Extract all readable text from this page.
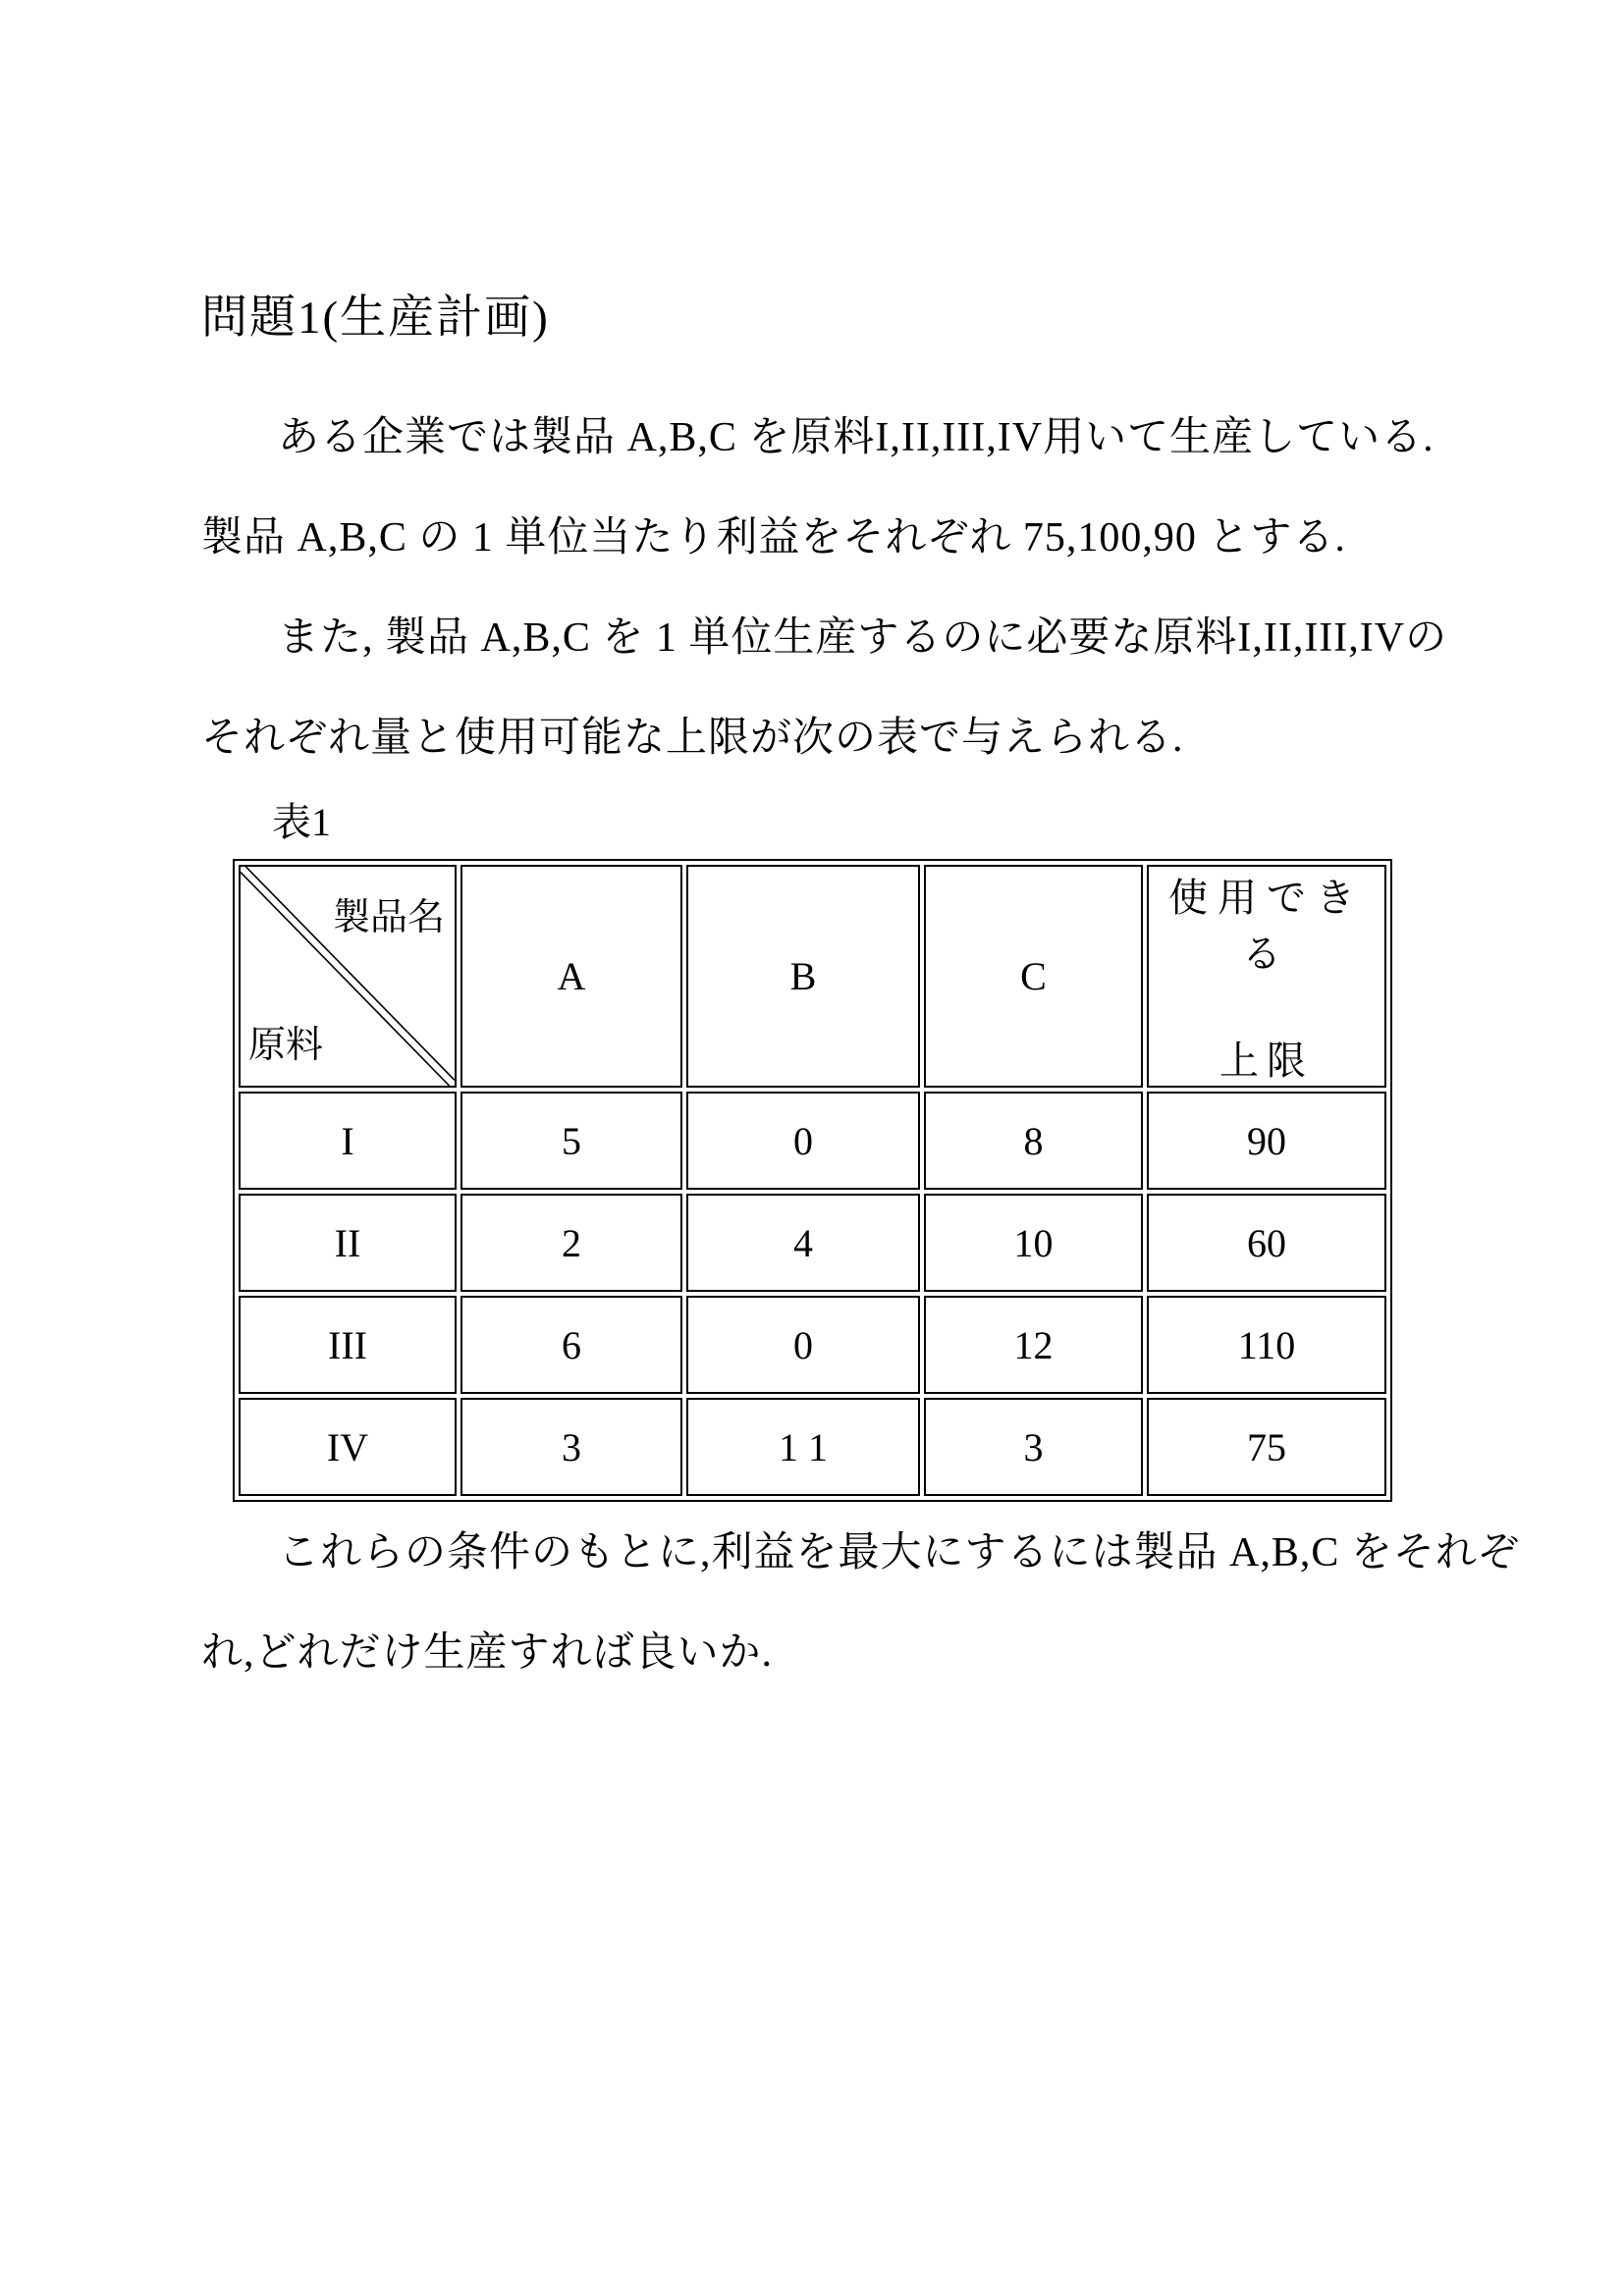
問題1(生産計画)
ある企業では製品 A,B,C を原料I,II,III,IV用いて生産している.
製品 A,B,C の 1 単位当たり利益をそれぞれ 75,100,90 とする.
また, 製品 A,B,C を 1 単位生産するのに必要な原料I,II,III,IVの
それぞれ量と使用可能な上限が次の表で与えられる.
表1
製品名
原料	A	B	C	使用できる
上限

I	5	0	8	90
II	2	4	10	60
III	6	0	12	110
IV	3	1 1	3	75
これらの条件のもとに,利益を最大にするには製品 A,B,C をそれぞ
れ,どれだけ生産すれば良いか.
